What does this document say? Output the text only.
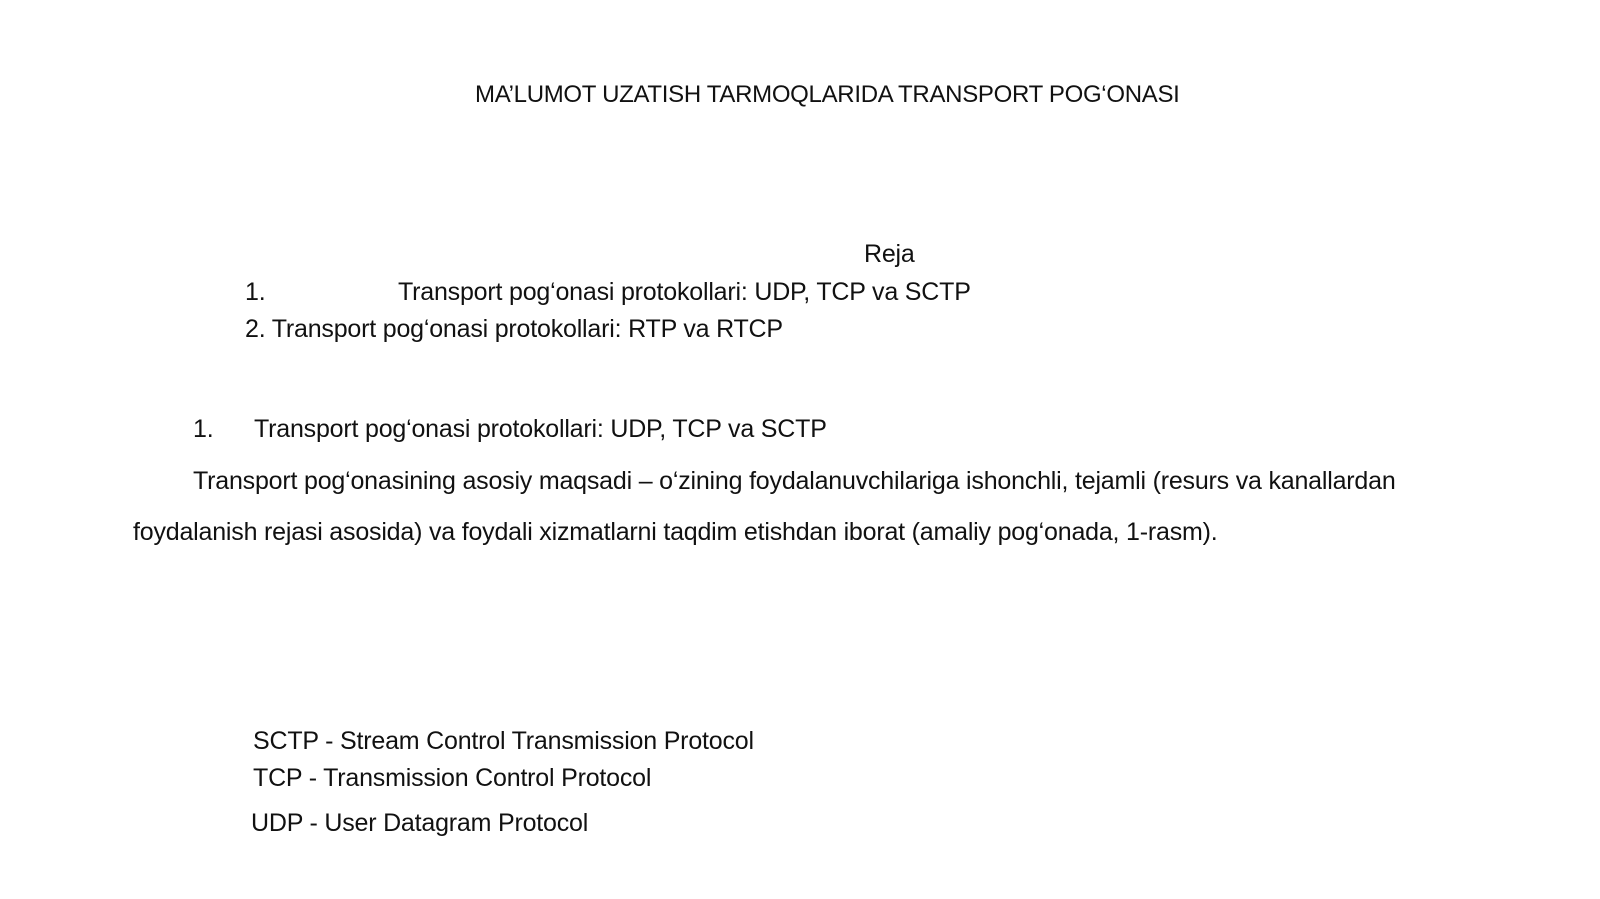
MA’LUMOT UZATISH TARMOQLARIDA TRANSPORT POG‘ONASI
Reja
1.	Transport pog‘onasi protokollari: UDP, TCP va SCTP
2. Transport pog‘onasi protokollari: RTP va RTCP
1. Transport pog‘onasi protokollari: UDP, TCP va SCTP
Transport pog‘onasining asosiy maqsadi – o‘zining foydalanuvchilariga ishonchli, tejamli (resurs va kanallardan
foydalanish rejasi asosida) va foydali xizmatlarni taqdim etishdan iborat (amaliy pog‘onada, 1-rasm).
SCTP - Stream Control Transmission Protocol
TCP - Transmission Control Protocol
UDP - User Datagram Protocol
